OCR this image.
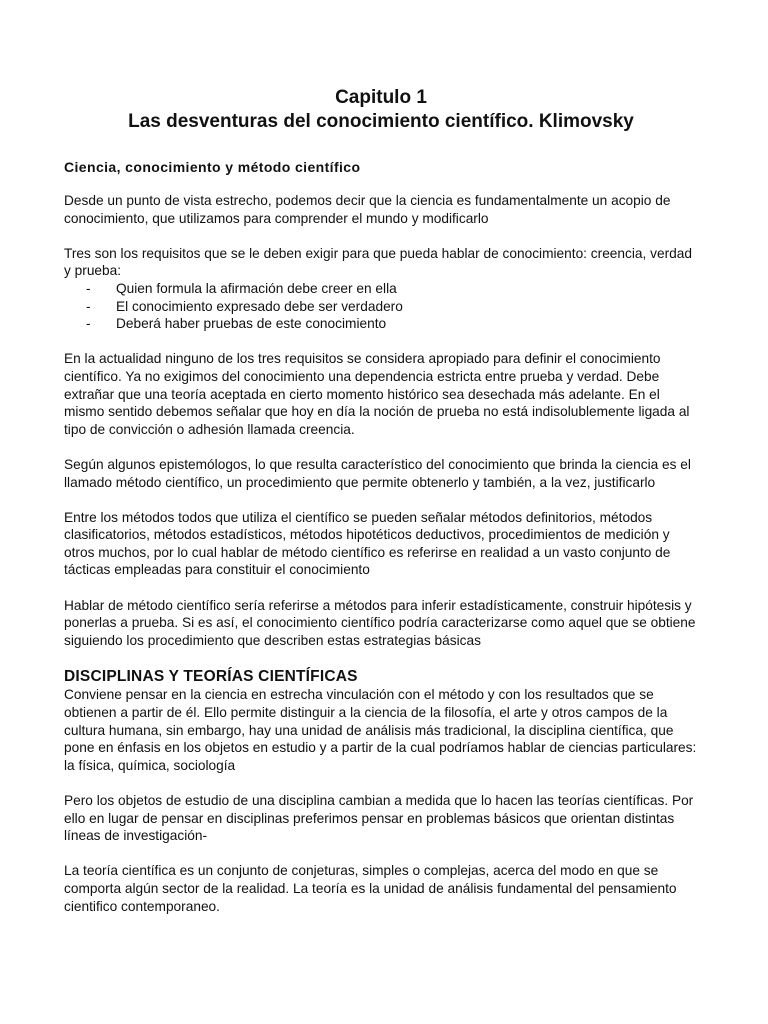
Capitulo 1
Las desventuras del conocimiento científico. Klimovsky
Ciencia, conocimiento y método científico

Desde un punto de vista estrecho, podemos decir que la ciencia es fundamentalmente un acopio de conocimiento, que utilizamos para comprender el mundo y modificarlo

Tres son los requisitos que se le deben exigir para que pueda hablar de conocimiento: creencia, verdad y prueba:

- Quien formula la afirmación debe creer en ella
- El conocimiento expresado debe ser verdadero
- Deberá haber pruebas de este conocimiento

En la actualidad ninguno de los tres requisitos se considera apropiado para definir el conocimiento científico. Ya no exigimos del conocimiento una dependencia estricta entre prueba y verdad. Debe extrañar que una teoría aceptada en cierto momento histórico sea desechada más adelante. En el mismo sentido debemos señalar que hoy en día la noción de prueba no está indisolublemente ligada al tipo de convicción o adhesión llamada creencia.

Según algunos epistemólogos, lo que resulta característico del conocimiento que brinda la ciencia es el llamado método científico, un procedimiento que permite obtenerlo y también, a la vez, justificarlo

Entre los métodos todos que utiliza el científico se pueden señalar métodos definitorios, métodos clasificatorios, métodos estadísticos, métodos hipotéticos deductivos, procedimientos de medición y otros muchos, por lo cual hablar de método científico es referirse en realidad a un vasto conjunto de tácticas empleadas para constituir el conocimiento

Hablar de método científico sería referirse a métodos para inferir estadísticamente, construir hipótesis y ponerlas a prueba. Si es así, el conocimiento científico podría caracterizarse como aquel que se obtiene siguiendo los procedimiento que describen estas estrategias básicas

DISCIPLINAS Y TEORÍAS CIENTÍFICAS

Conviene pensar en la ciencia en estrecha vinculación con el método y con los resultados que se obtienen a partir de él. Ello permite distinguir a la ciencia de la filosofía, el arte y otros campos de la cultura humana, sin embargo, hay una unidad de análisis más tradicional, la disciplina científica, que pone en énfasis en los objetos en estudio y a partir de la cual podríamos hablar de ciencias particulares: la física, química, sociología

Pero los objetos de estudio de una disciplina cambian a medida que lo hacen las teorías científicas. Por ello en lugar de pensar en disciplinas preferimos pensar en problemas básicos que orientan distintas líneas de investigación-

La teoría científica es un conjunto de conjeturas, simples o complejas, acerca del modo en que se comporta algún sector de la realidad. La teoría es la unidad de análisis fundamental del pensamiento cientifico contemporaneo.
